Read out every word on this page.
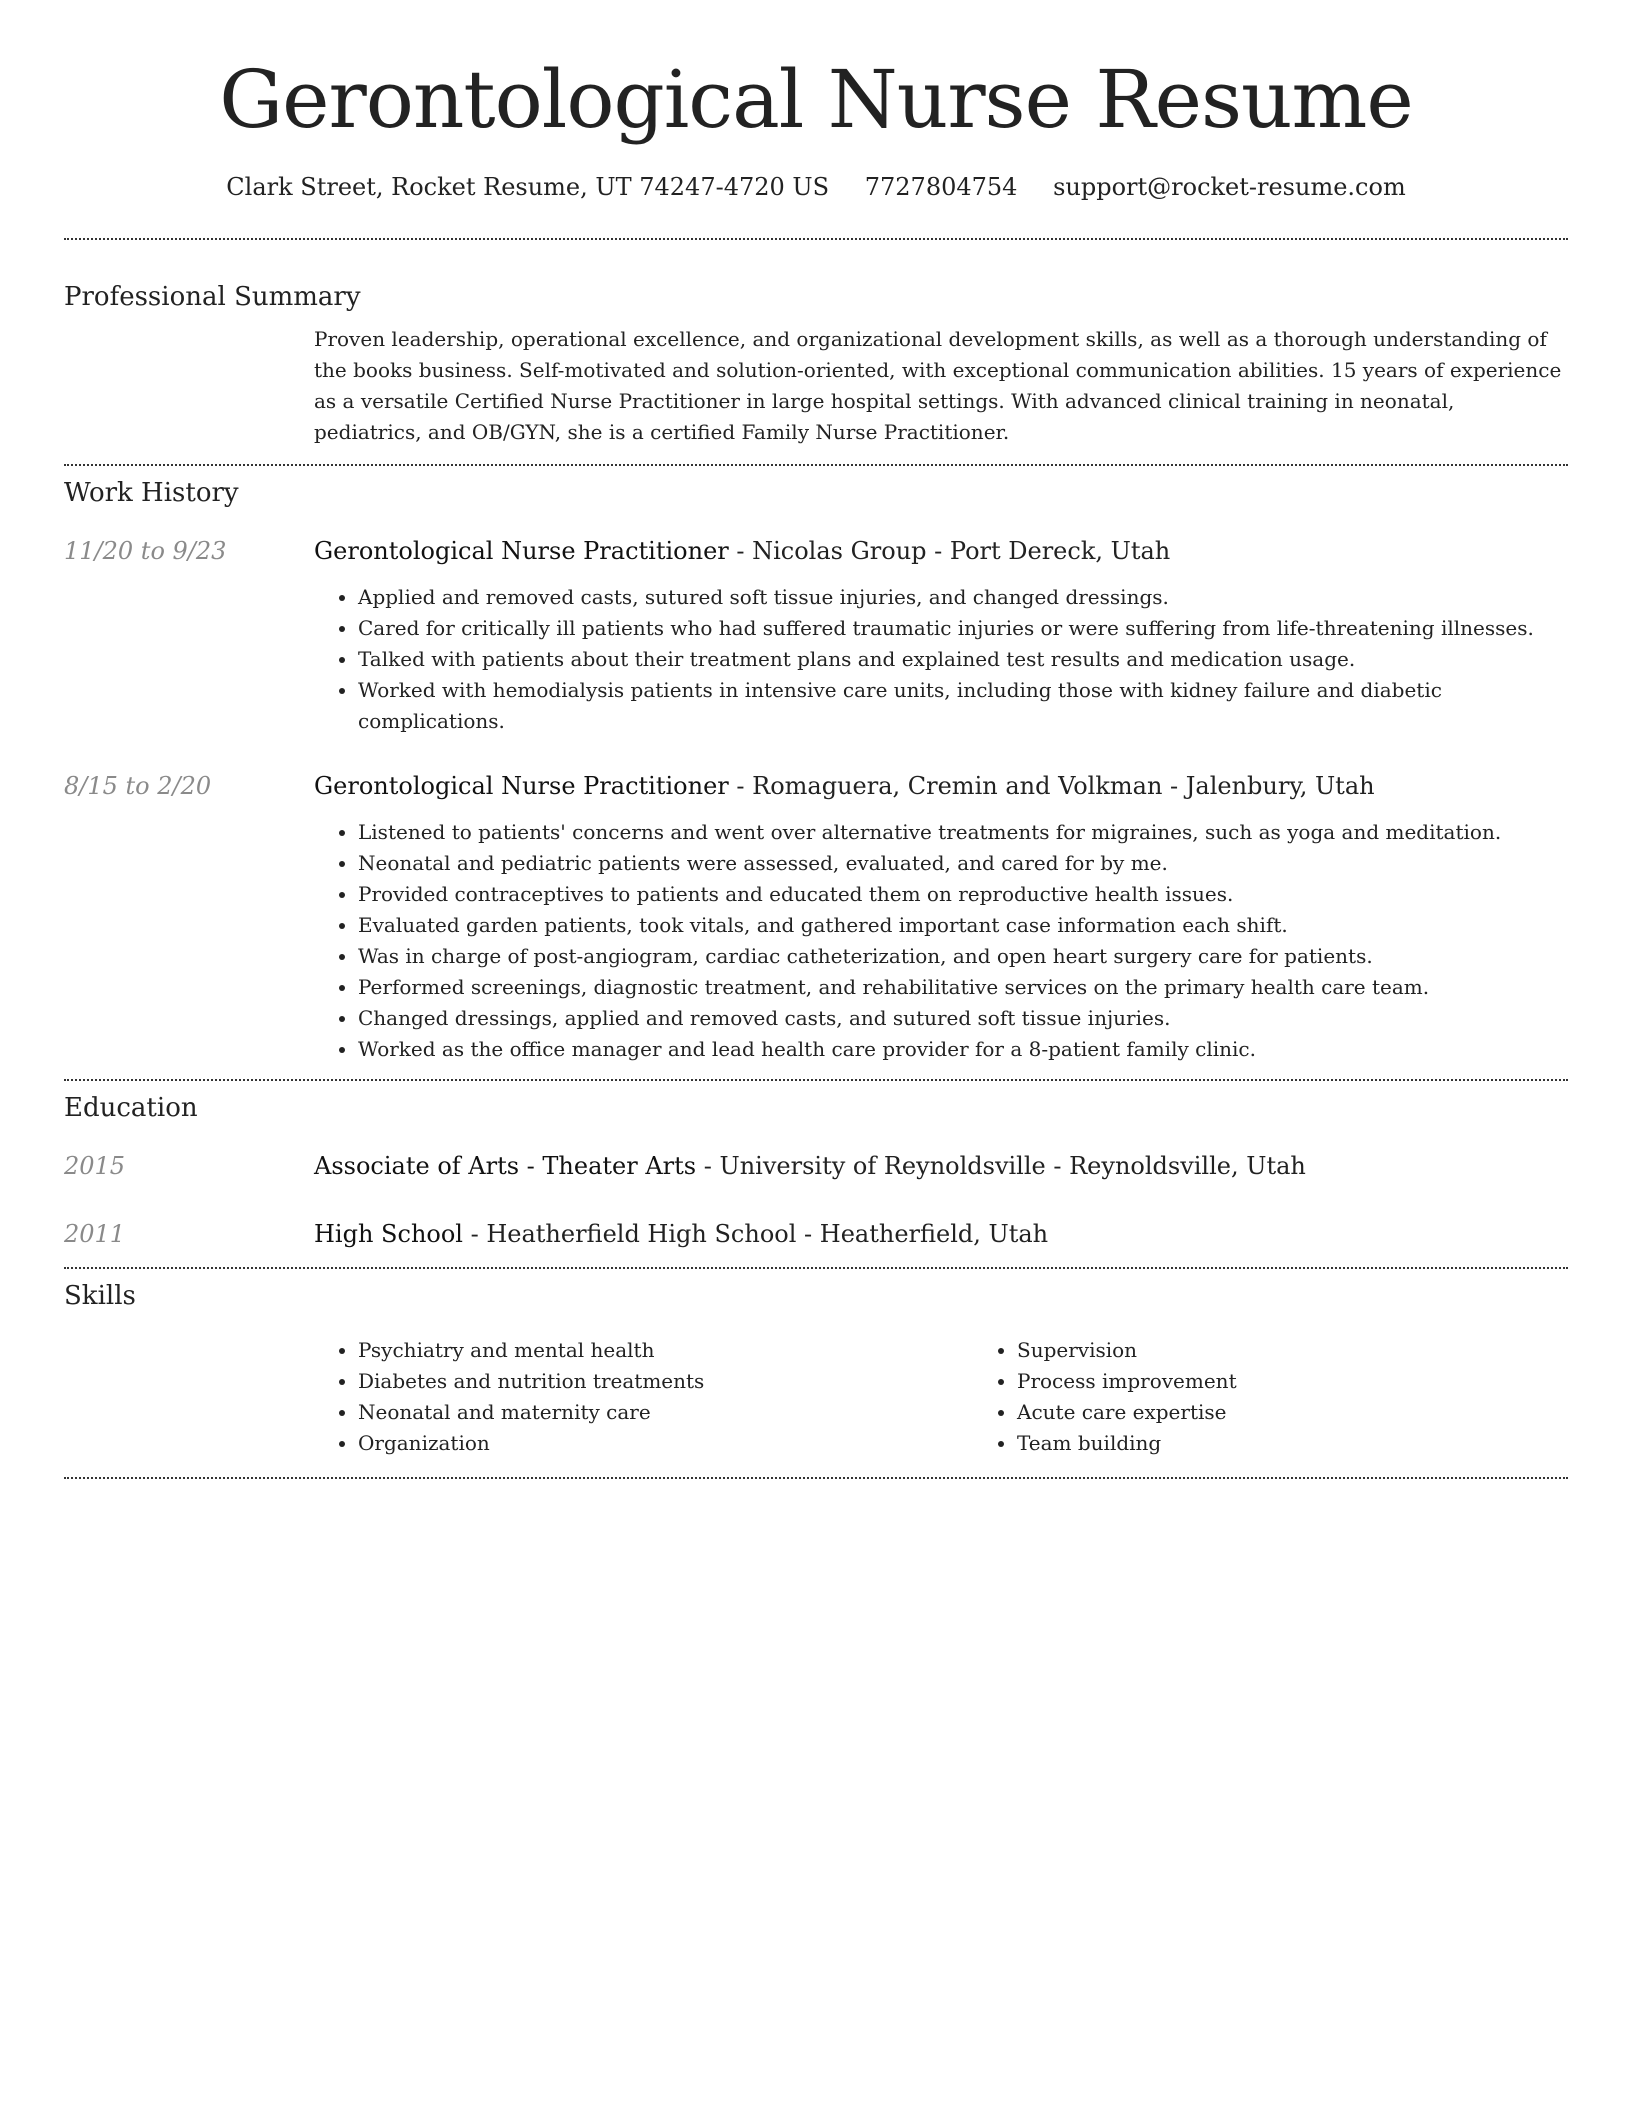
Gerontological Nurse Resume
Clark Street, Rocket Resume, UT 74247-4720 US 7727804754 support@rocket-resume.com
Professional Summary

Proven leadership, operational excellence, and organizational development skills, as well as a thorough understanding of the books business. Self-motivated and solution-oriented, with exceptional communication abilities. 15 years of experience as a versatile Certified Nurse Practitioner in large hospital settings. With advanced clinical training in neonatal, pediatrics, and OB/GYN, she is a certified Family Nurse Practitioner.

Work History
11/20 to 9/23	Gerontological Nurse Practitioner - Nicolas Group - Port Dereck, Utah
• Applied and removed casts, sutured soft tissue injuries, and changed dressings.
• Cared for critically ill patients who had suffered traumatic injuries or were suffering from life-threatening illnesses.
• Talked with patients about their treatment plans and explained test results and medication usage.
• Worked with hemodialysis patients in intensive care units, including those with kidney failure and diabetic complications.
8/15 to 2/20	Gerontological Nurse Practitioner - Romaguera, Cremin and Volkman - Jalenbury, Utah
• Listened to patients' concerns and went over alternative treatments for migraines, such as yoga and meditation.
• Neonatal and pediatric patients were assessed, evaluated, and cared for by me.
• Provided contraceptives to patients and educated them on reproductive health issues.
• Evaluated garden patients, took vitals, and gathered important case information each shift.
• Was in charge of post-angiogram, cardiac catheterization, and open heart surgery care for patients.
• Performed screenings, diagnostic treatment, and rehabilitative services on the primary health care team.
• Changed dressings, applied and removed casts, and sutured soft tissue injuries.
• Worked as the office manager and lead health care provider for a 8-patient family clinic.
Education
2015	Associate of Arts - Theater Arts - University of Reynoldsville - Reynoldsville, Utah
2011	High School - Heatherfield High School - Heatherfield, Utah
Skills
• Psychiatry and mental health
• Diabetes and nutrition treatments
• Neonatal and maternity care
• Organization
• Supervision
• Process improvement
• Acute care expertise
• Team building
